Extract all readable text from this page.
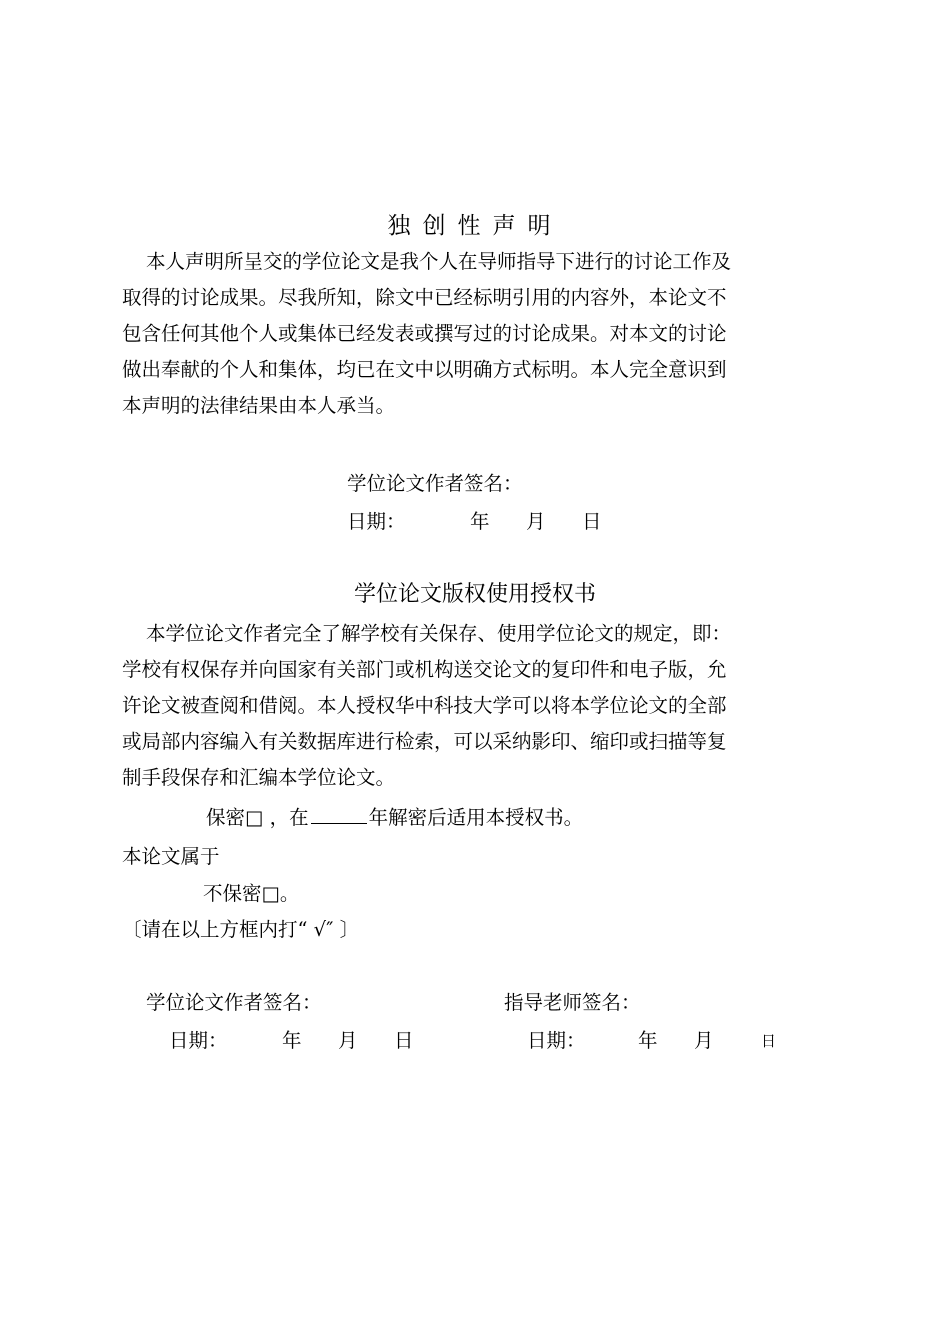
独创性声明
本人声明所呈交的学位论文是我个人在导师指导下进行的讨论工作及
取得的讨论成果。尽我所知，除文中已经标明引用的内容外，本论文不
包含任何其他个人或集体已经发表或撰写过的讨论成果。对本文的讨论
做出奉献的个人和集体，均已在文中以明确方式标明。本人完全意识到
本声明的法律结果由本人承当。
学位论文作者签名：
日期：	年 月 日
学位论文版权使用授权书
本学位论文作者完全了解学校有关保存、使用学位论文的规定，即：
学校有权保存并向国家有关部门或机构送交论文的复印件和电子版，允
许论文被查阅和借阅。本人授权华中科技大学可以将本学位论文的全部
或局部内容编入有关数据库进行检索，可以采纳影印、缩印或扫描等复
制手段保存和汇编本学位论文。
保密□ ，在	年解密后适用本授权书。
本论文属于
不保密□。
〔请在以上方框内打“ √″ 〕
学位论文作者签名：	指导老师签名：
日期：	年 月 日	日期：	年 月	日
